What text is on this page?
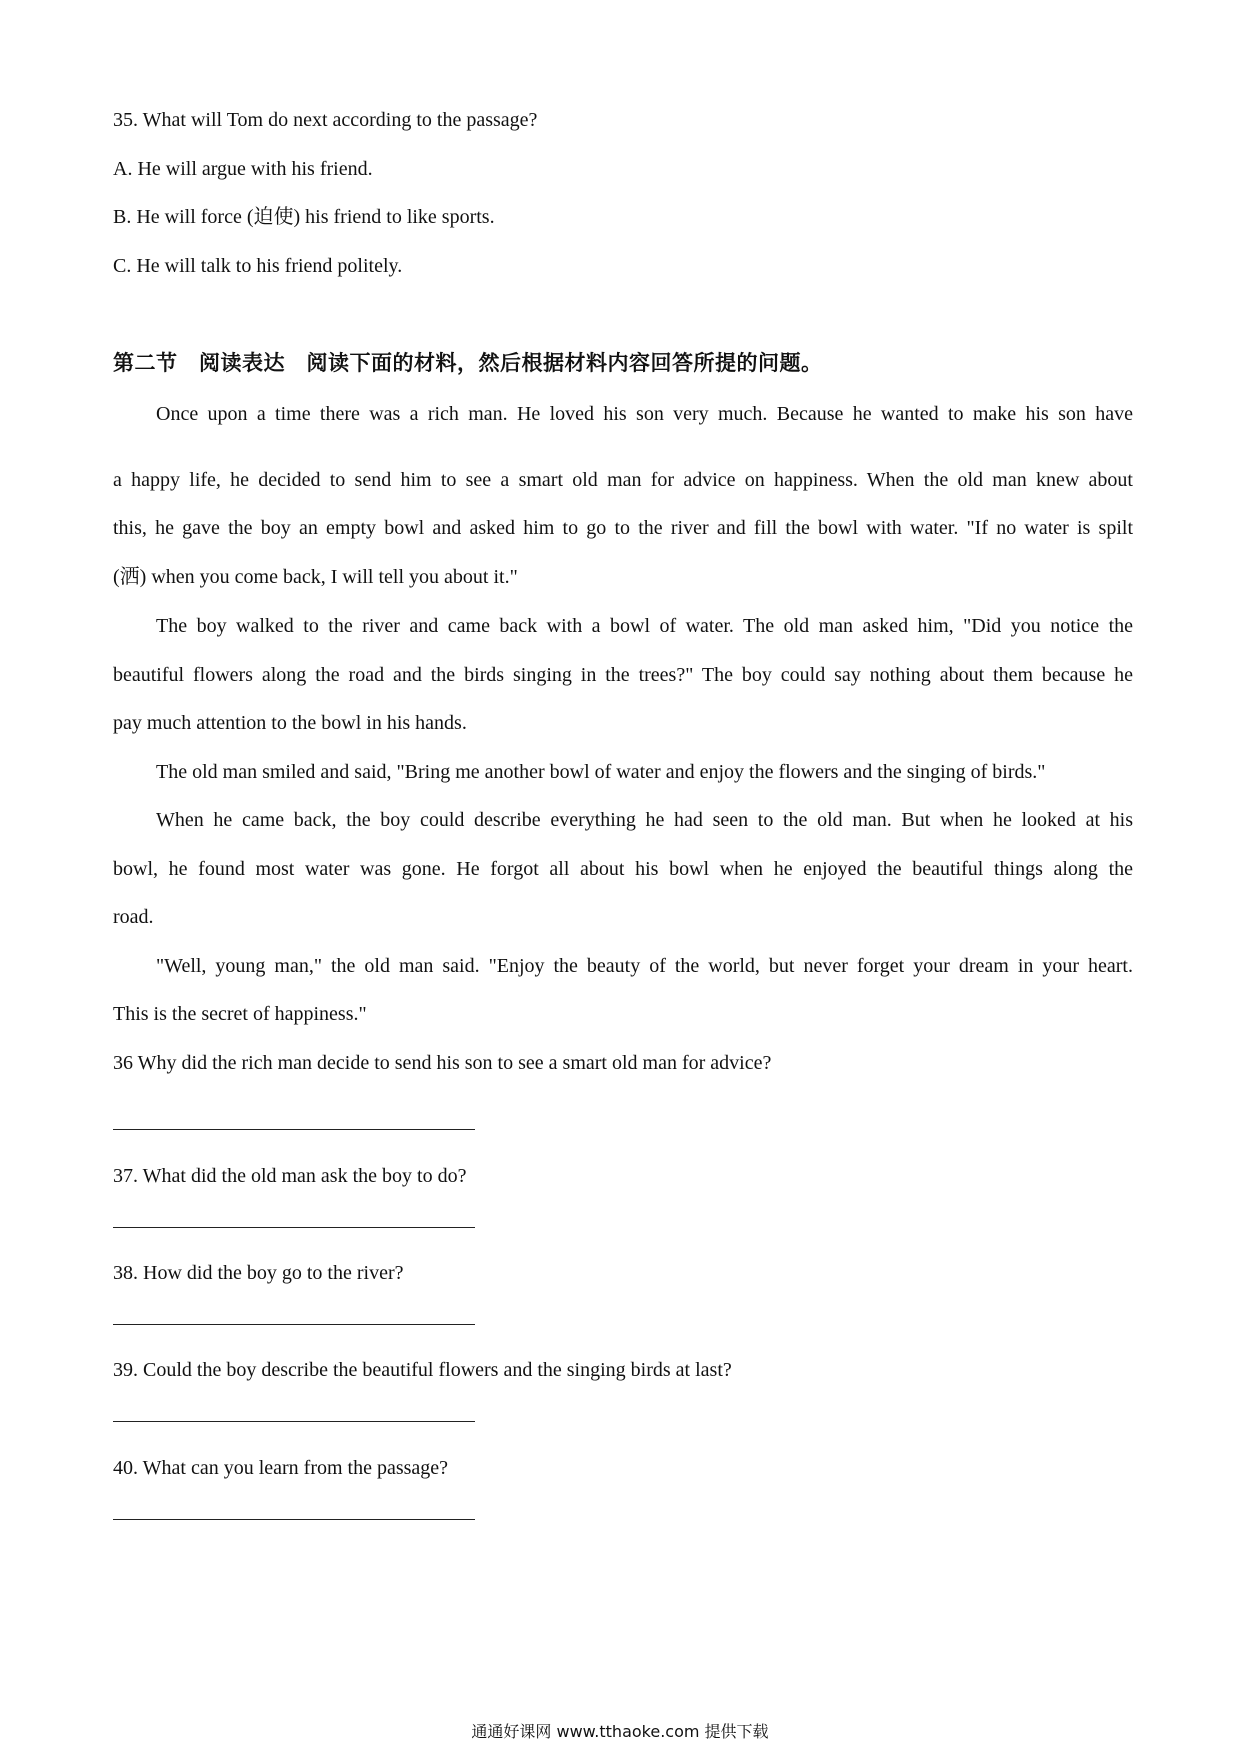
35. What will Tom do next according to the passage?
A. He will argue with his friend.
B. He will force (迫使) his friend to like sports.
C. He will talk to his friend politely.
第二节　阅读表达　阅读下面的材料，然后根据材料内容回答所提的问题。
Once upon a time there was a rich man. He loved his son very much. Because he wanted to make his son have
a happy life, he decided to send him to see a smart old man for advice on happiness. When the old man knew about
this, he gave the boy an empty bowl and asked him to go to the river and fill the bowl with water. "If no water is spilt
(洒) when you come back, I will tell you about it."
The boy walked to the river and came back with a bowl of water. The old man asked him, "Did you notice the
beautiful flowers along the road and the birds singing in the trees?" The boy could say nothing about them because he
pay much attention to the bowl in his hands.
The old man smiled and said, "Bring me another bowl of water and enjoy the flowers and the singing of birds."
When he came back, the boy could describe everything he had seen to the old man. But when he looked at his
bowl, he found most water was gone. He forgot all about his bowl when he enjoyed the beautiful things along the
road.
"Well, young man," the old man said. "Enjoy the beauty of the world, but never forget your dream in your heart.
This is the secret of happiness."
36 Why did the rich man decide to send his son to see a smart old man for advice?
37. What did the old man ask the boy to do?
38. How did the boy go to the river?
39. Could the boy describe the beautiful flowers and the singing birds at last?
40. What can you learn from the passage?
通通好课网 www.tthaoke.com 提供下载
